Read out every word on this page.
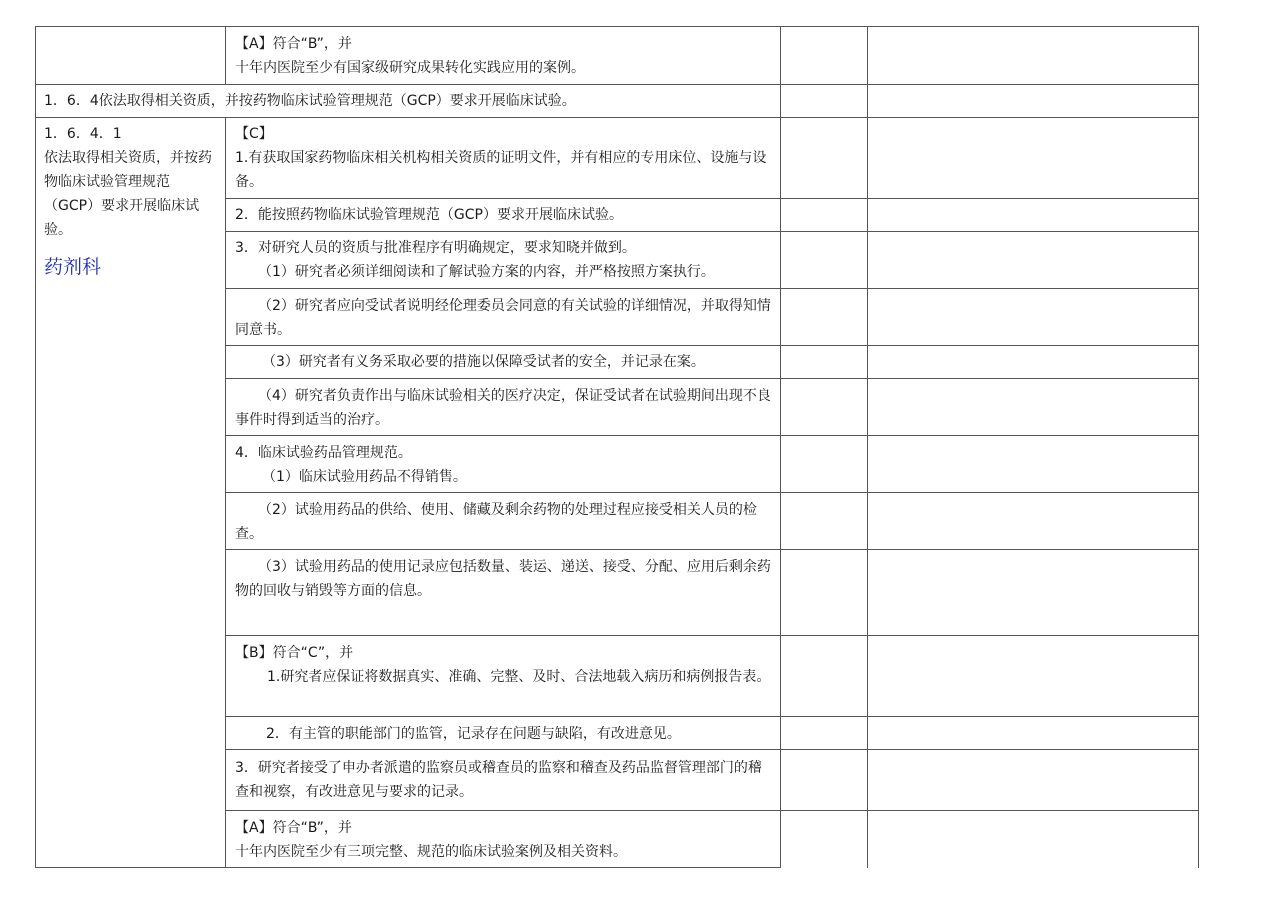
【A】符合“B”，并
十年内医院至少有国家级研究成果转化实践应用的案例。
1．6．4依法取得相关资质，并按药物临床试验管理规范（GCP）要求开展临床试验。
1．6．4．1
依法取得相关资质，并按药物临床试验管理规范（GCP）要求开展临床试验。
药剂科
【C】
1.有获取国家药物临床相关机构相关资质的证明文件，并有相应的专用床位、设施与设备。
2．能按照药物临床试验管理规范（GCP）要求开展临床试验。
3．对研究人员的资质与批准程序有明确规定，要求知晓并做到。
（1）研究者必须详细阅读和了解试验方案的内容，并严格按照方案执行。
（2）研究者应向受试者说明经伦理委员会同意的有关试验的详细情况，并取得知情同意书。
（3）研究者有义务采取必要的措施以保障受试者的安全，并记录在案。
（4）研究者负责作出与临床试验相关的医疗决定，保证受试者在试验期间出现不良事件时得到适当的治疗。
4．临床试验药品管理规范。
（1）临床试验用药品不得销售。
（2）试验用药品的供给、使用、储藏及剩余药物的处理过程应接受相关人员的检查。
（3）试验用药品的使用记录应包括数量、装运、递送、接受、分配、应用后剩余药物的回收与销毁等方面的信息。
【B】符合“C”，并
1.研究者应保证将数据真实、准确、完整、及时、合法地载入病历和病例报告表。
2．有主管的职能部门的监管，记录存在问题与缺陷，有改进意见。
3．研究者接受了申办者派遣的监察员或稽查员的监察和稽查及药品监督管理部门的稽查和视察，有改进意见与要求的记录。
【A】符合“B”，并
十年内医院至少有三项完整、规范的临床试验案例及相关资料。
